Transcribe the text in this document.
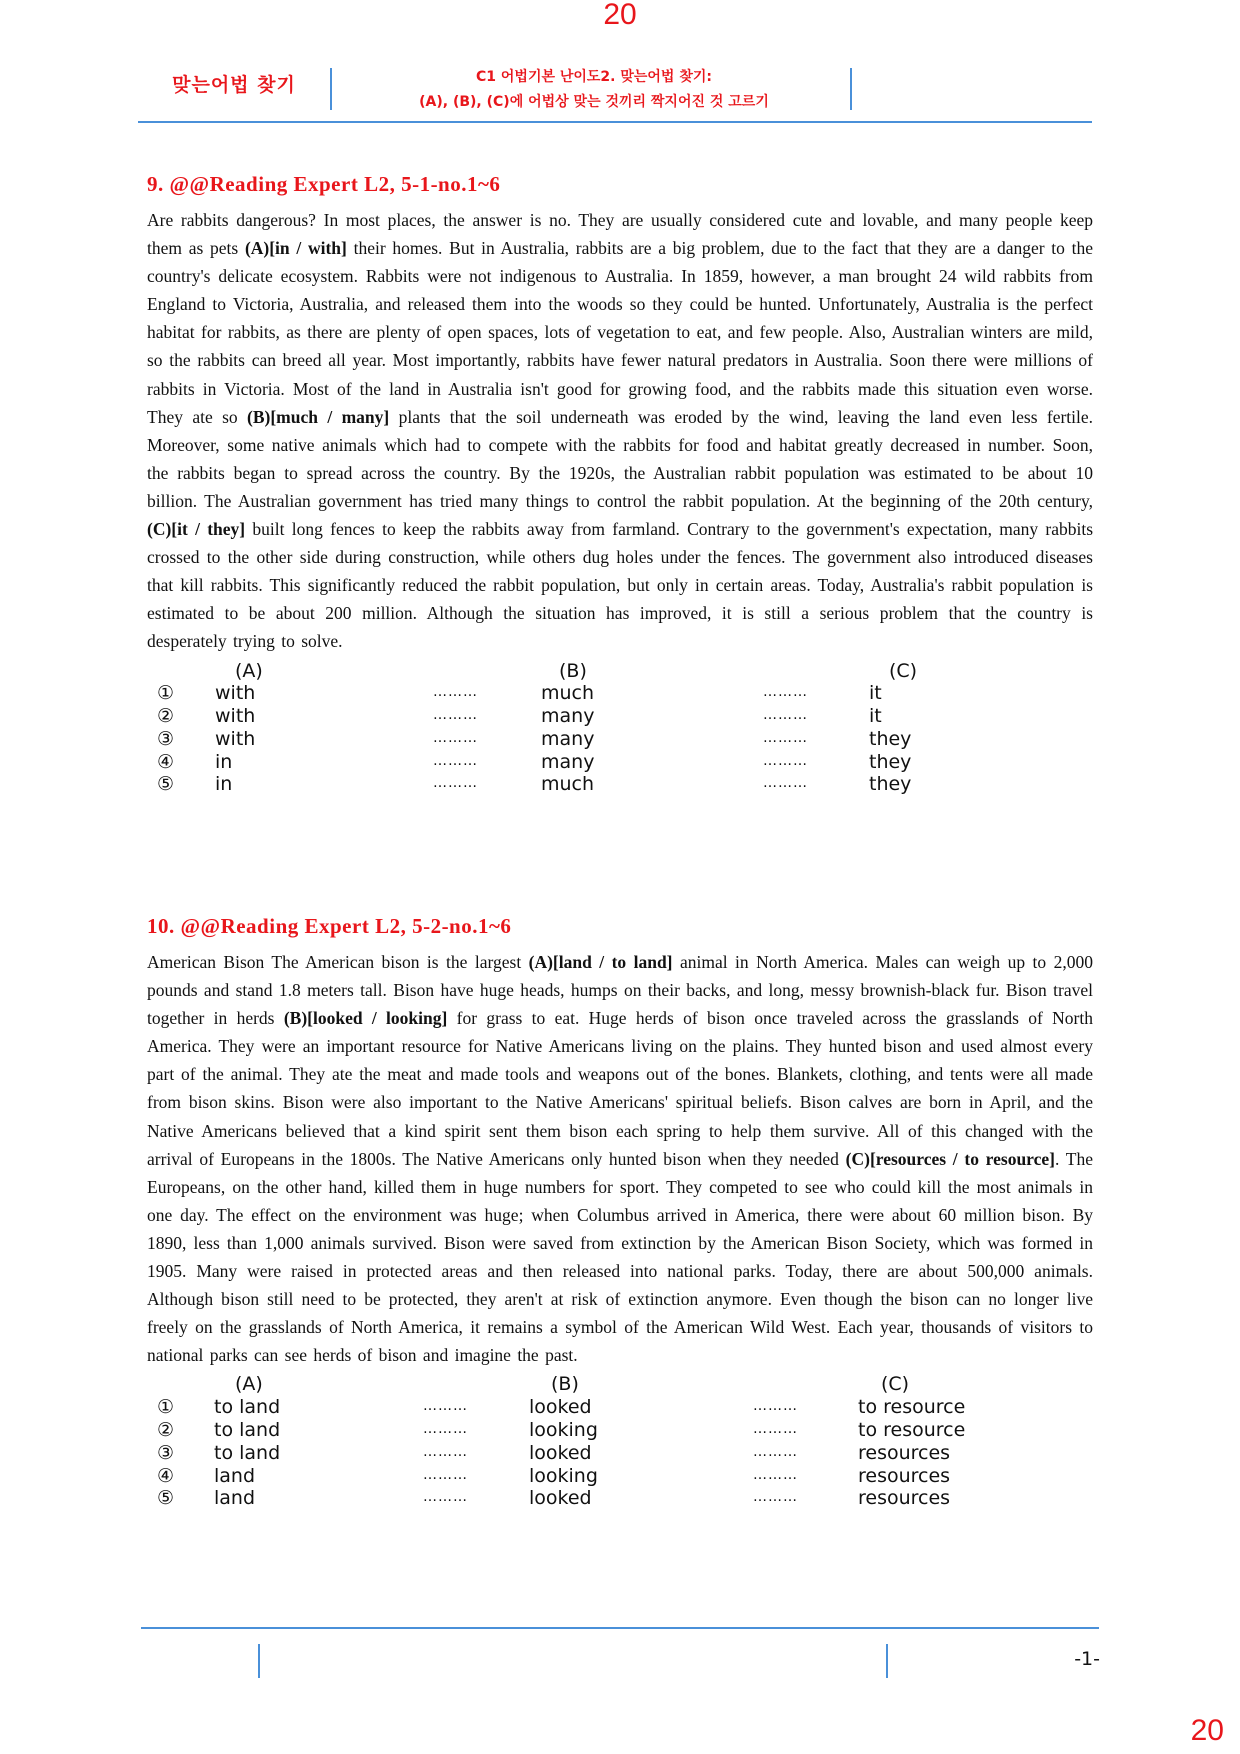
20
맞는어법 찾기	C1 어법기본 난이도2. 맞는어법 찾기:
(A), (B), (C)에 어법상 맞는 것끼리 짝지어진 것 고르기
9. @@Reading Expert L2, 5-1-no.1~6

Are rabbits dangerous? In most places, the answer is no. They are usually considered cute and lovable, and many people keep them as pets (A)[in / with] their homes. But in Australia, rabbits are a big problem, due to the fact that they are a danger to the country's delicate ecosystem. Rabbits were not indigenous to Australia. In 1859, however, a man brought 24 wild rabbits from England to Victoria, Australia, and released them into the woods so they could be hunted. Unfortunately, Australia is the perfect habitat for rabbits, as there are plenty of open spaces, lots of vegetation to eat, and few people. Also, Australian winters are mild, so the rabbits can breed all year. Most importantly, rabbits have fewer natural predators in Australia. Soon there were millions of rabbits in Victoria. Most of the land in Australia isn't good for growing food, and the rabbits made this situation even worse. They ate so (B)[much / many] plants that the soil underneath was eroded by the wind, leaving the land even less fertile. Moreover, some native animals which had to compete with the rabbits for food and habitat greatly decreased in number. Soon, the rabbits began to spread across the country. By the 1920s, the Australian rabbit population was estimated to be about 10 billion. The Australian government has tried many things to control the rabbit population. At the beginning of the 20th century, (C)[it / they] built long fences to keep the rabbits away from farmland. Contrary to the government's expectation, many rabbits crossed to the other side during construction, while others dug holes under the fences. The government also introduced diseases that kill rabbits. This significantly reduced the rabbit population, but only in certain areas. Today, Australia's rabbit population is estimated to be about 200 million. Although the situation has improved, it is still a serious problem that the country is desperately trying to solve.

(A)	(B)	(C)
① with	………	much	………	it
② with	………	many	………	it
③ with	………	many	………	they
④ in	………	many	………	they
⑤ in	………	much	………	they
10. @@Reading Expert L2, 5-2-no.1~6

American Bison The American bison is the largest (A)[land / to land] animal in North America. Males can weigh up to 2,000 pounds and stand 1.8 meters tall. Bison have huge heads, humps on their backs, and long, messy brownish-black fur. Bison travel together in herds (B)[looked / looking] for grass to eat. Huge herds of bison once traveled across the grasslands of North America. They were an important resource for Native Americans living on the plains. They hunted bison and used almost every part of the animal. They ate the meat and made tools and weapons out of the bones. Blankets, clothing, and tents were all made from bison skins. Bison were also important to the Native Americans' spiritual beliefs. Bison calves are born in April, and the Native Americans believed that a kind spirit sent them bison each spring to help them survive. All of this changed with the arrival of Europeans in the 1800s. The Native Americans only hunted bison when they needed (C)[resources / to resource]. The Europeans, on the other hand, killed them in huge numbers for sport. They competed to see who could kill the most animals in one day. The effect on the environment was huge; when Columbus arrived in America, there were about 60 million bison. By 1890, less than 1,000 animals survived. Bison were saved from extinction by the American Bison Society, which was formed in 1905. Many were raised in protected areas and then released into national parks. Today, there are about 500,000 animals. Although bison still need to be protected, they aren't at risk of extinction anymore. Even though the bison can no longer live freely on the grasslands of North America, it remains a symbol of the American Wild West. Each year, thousands of visitors to national parks can see herds of bison and imagine the past.

(A)	(B)	(C)
① to land	………	looked	………	to resource
② to land	………	looking	………	to resource
③ to land	………	looked	………	resources
④ land	………	looking	………	resources
⑤ land	………	looked	………	resources
-1-
20
